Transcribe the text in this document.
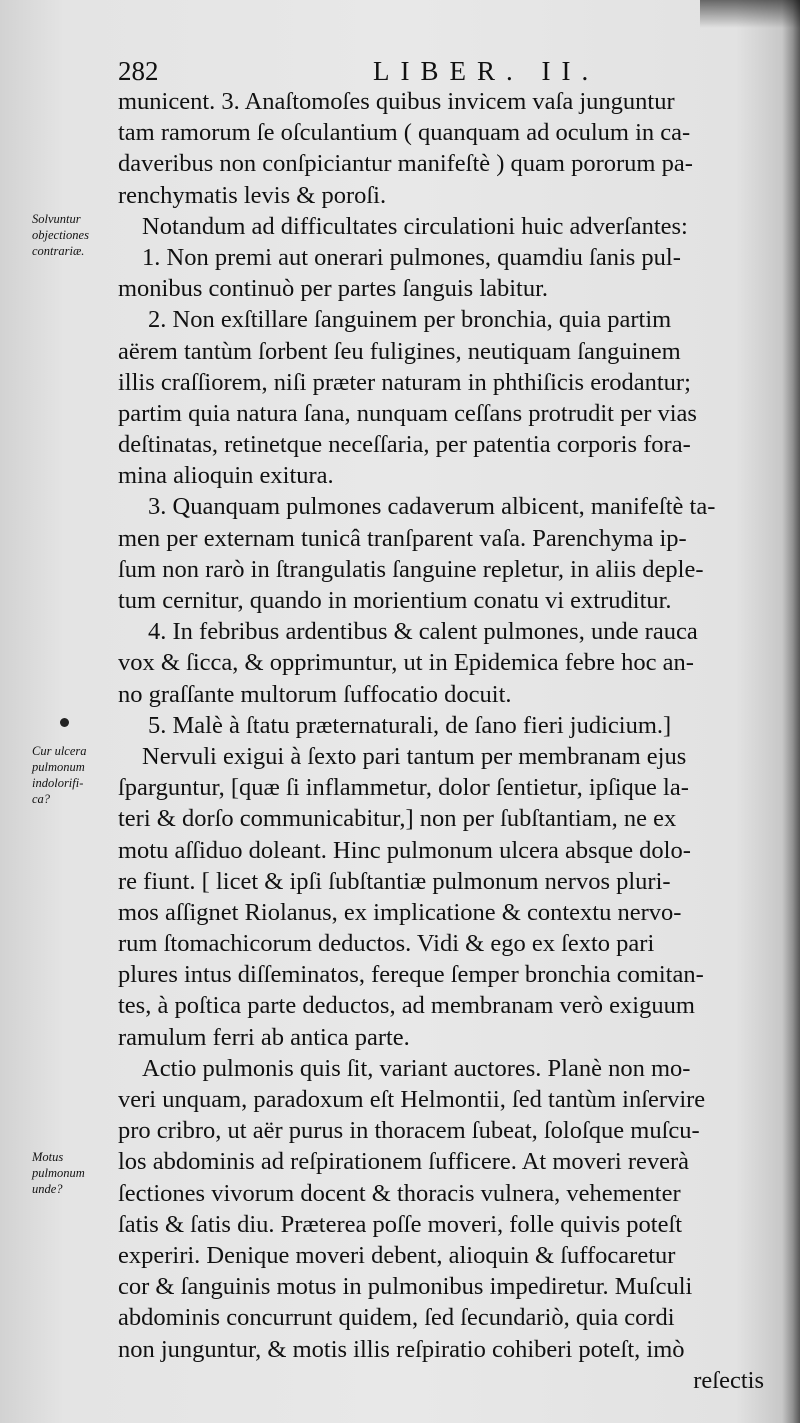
282	LIBER. II.
Solvuntur
objectiones
contrariæ.
Cur ulcera
pulmonum
indolorifi-
ca?
Motus
pulmonum
unde?
municent. 3. Anaſtomoſes quibus invicem vaſa junguntur
tam ramorum ſe oſculantium ( quanquam ad oculum in ca-
daveribus non conſpiciantur manifeſtè ) quam pororum pa-
renchymatis levis & poroſi.
Notandum ad difficultates circulationi huic adverſantes:
1. Non premi aut onerari pulmones, quamdiu ſanis pul-
monibus continuò per partes ſanguis labitur.
2. Non exſtillare ſanguinem per bronchia, quia partim
aërem tantùm ſorbent ſeu fuligines, neutiquam ſanguinem
illis craſſiorem, niſi præter naturam in phthiſicis erodantur;
partim quia natura ſana, nunquam ceſſans protrudit per vias
deſtinatas, retinetque neceſſaria, per patentia corporis fora-
mina alioquin exitura.
3. Quanquam pulmones cadaverum albicent, manifeſtè ta-
men per externam tunicâ tranſparent vaſa. Parenchyma ip-
ſum non rarò in ſtrangulatis ſanguine repletur, in aliis deple-
tum cernitur, quando in morientium conatu vi extruditur.
4. In febribus ardentibus & calent pulmones, unde rauca
vox & ſicca, & opprimuntur, ut in Epidemica febre hoc an-
no graſſante multorum ſuffocatio docuit.
5. Malè à ſtatu præternaturali, de ſano fieri judicium.]
Nervuli exigui à ſexto pari tantum per membranam ejus
ſparguntur, [quæ ſi inflammetur, dolor ſentietur, ipſique la-
teri & dorſo communicabitur,] non per ſubſtantiam, ne ex
motu aſſiduo doleant. Hinc pulmonum ulcera absque dolo-
re fiunt. [ licet & ipſi ſubſtantiæ pulmonum nervos pluri-
mos aſſignet Riolanus, ex implicatione & contextu nervo-
rum ſtomachicorum deductos. Vidi & ego ex ſexto pari
plures intus diſſeminatos, fereque ſemper bronchia comitan-
tes, à poſtica parte deductos, ad membranam verò exiguum
ramulum ferri ab antica parte.
Actio pulmonis quis ſit, variant auctores. Planè non mo-
veri unquam, paradoxum eſt Helmontii, ſed tantùm inſervire
pro cribro, ut aër purus in thoracem ſubeat, ſoloſque muſcu-
los abdominis ad reſpirationem ſufficere. At moveri reverà
ſectiones vivorum docent & thoracis vulnera, vehementer
ſatis & ſatis diu. Præterea poſſe moveri, folle quivis poteſt
experiri. Denique moveri debent, alioquin & ſuffocaretur
cor & ſanguinis motus in pulmonibus impediretur. Muſculi
abdominis concurrunt quidem, ſed ſecundariò, quia cordi
non junguntur, & motis illis reſpiratio cohiberi poteſt, imò
reſectis
